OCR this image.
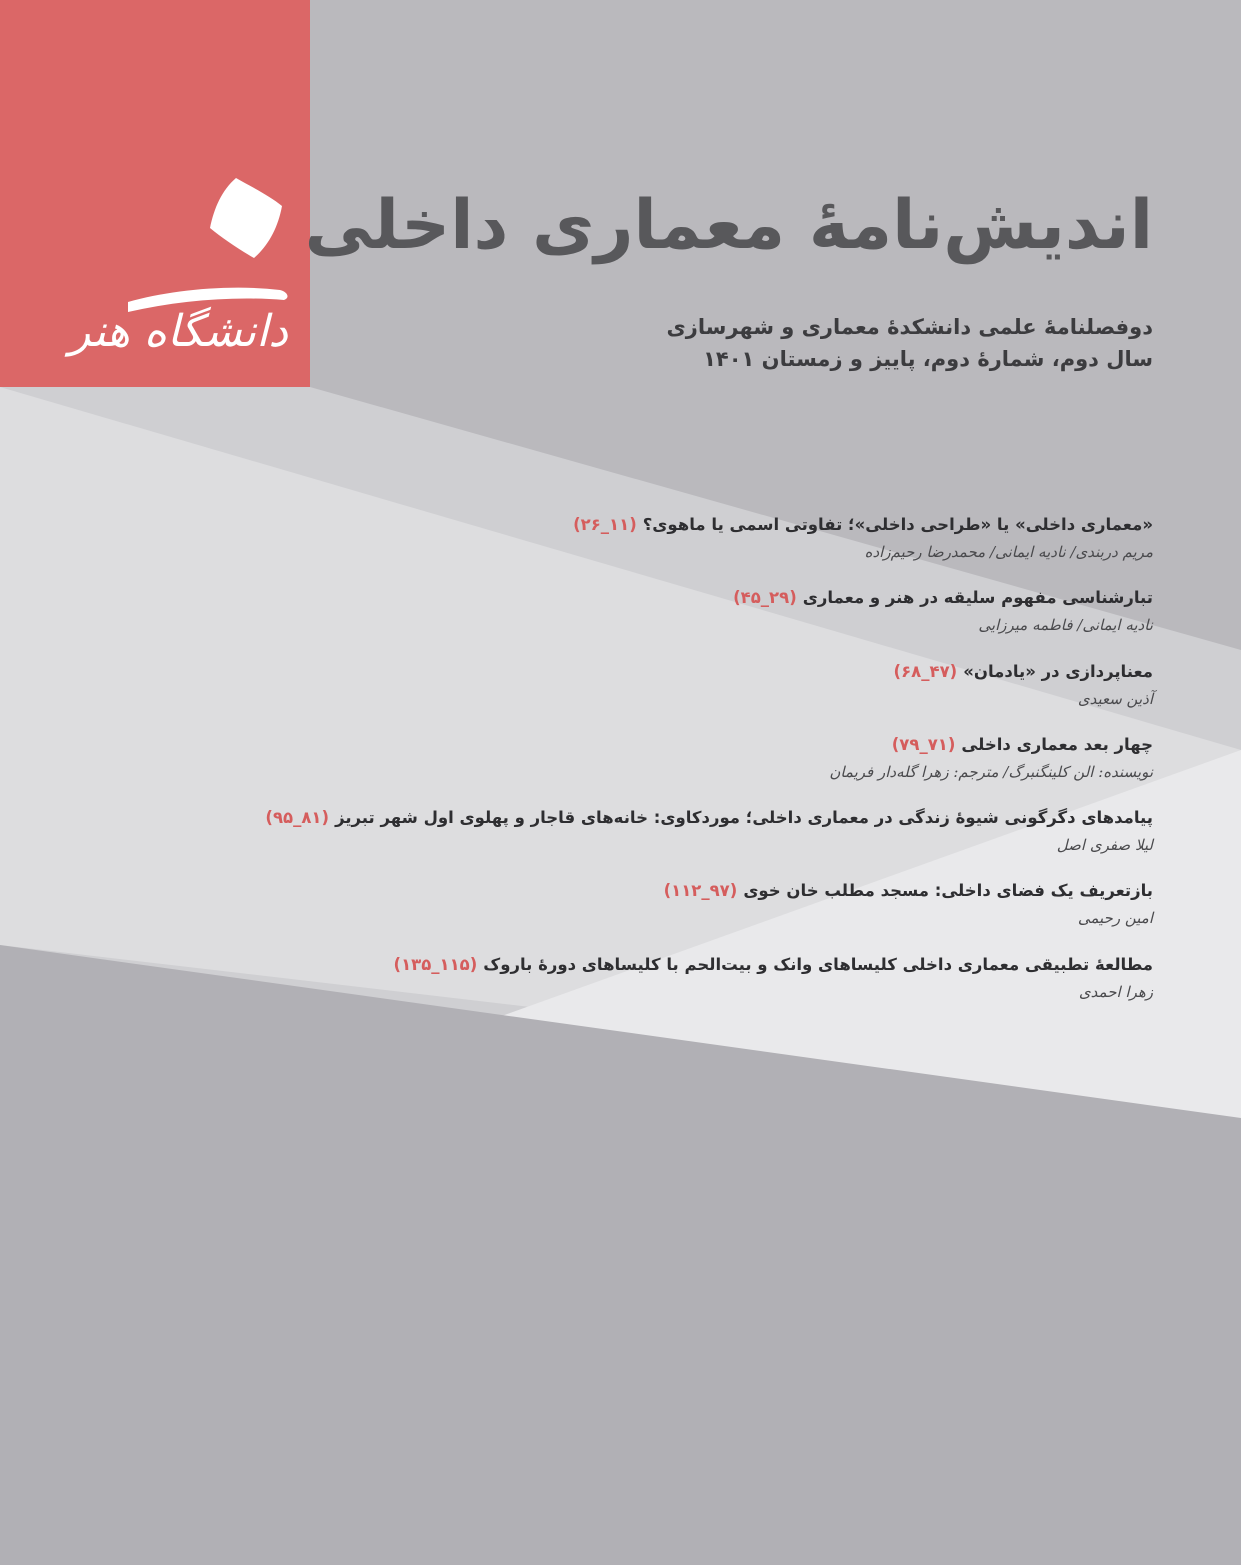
دانشگاه هنر
اندیش‌نامهٔ معماری داخلی
دوفصلنامهٔ علمی دانشکدهٔ معماری و شهرسازی
سال دوم، شمارهٔ دوم، پاییز و زمستان ۱۴۰۱
«معماری داخلی» یا «طراحی داخلی»؛ تفاوتی اسمی یا ماهوی؟(۱۱_۲۶)
مریم دربندی/ نادیه ایمانی/ محمدرضا رحیم‌زاده
تبارشناسی مفهوم سلیقه در هنر و معماری(۲۹_۴۵)
نادیه ایمانی/ فاطمه میرزایی
معناپردازی در «یادمان»(۴۷_۶۸)
آذین سعیدی
چهار بعد معماری داخلی(۷۱_۷۹)
نویسنده: الن کلینگنبرگ/ مترجم: زهرا گله‌دار فریمان
پیامدهای دگرگونی شیوهٔ زندگی در معماری داخلی؛ موردکاوی: خانه‌های قاجار و پهلوی اول شهر تبریز(۸۱_۹۵)
لیلا صفری اصل
بازتعریف یک فضای داخلی: مسجد مطلب خان خوی(۹۷_۱۱۲)
امین رحیمی
مطالعهٔ تطبیقی معماری داخلی کلیساهای وانک و بیت‌الحم با کلیساهای دورهٔ باروک(۱۱۵_۱۳۵)
زهرا احمدی
